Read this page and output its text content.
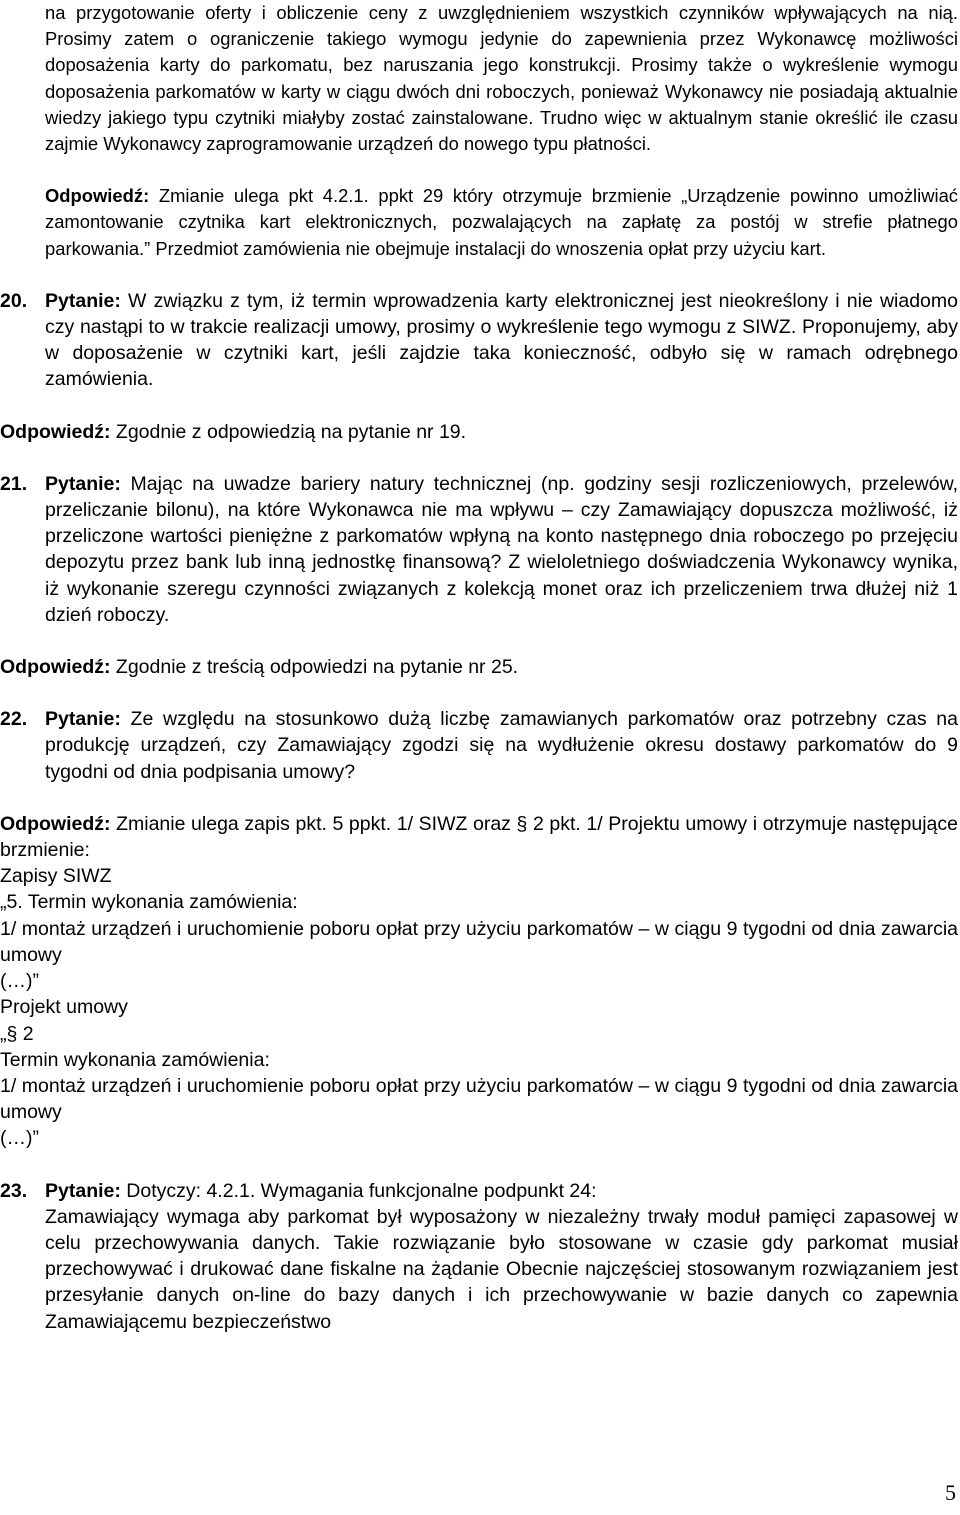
na przygotowanie oferty i obliczenie ceny z uwzględnieniem wszystkich czynników wpływających na nią. Prosimy zatem o ograniczenie takiego wymogu jedynie do zapewnienia przez Wykonawcę możliwości doposażenia karty do parkomatu, bez naruszania jego konstrukcji. Prosimy także o wykreślenie wymogu doposażenia parkomatów w karty w ciągu dwóch dni roboczych, ponieważ Wykonawcy nie posiadają aktualnie wiedzy jakiego typu czytniki miałyby zostać zainstalowane. Trudno więc w aktualnym stanie określić ile czasu zajmie Wykonawcy zaprogramowanie urządzeń do nowego typu płatności.

Odpowiedź: Zmianie ulega pkt 4.2.1. ppkt 29 który otrzymuje brzmienie „Urządzenie powinno umożliwiać zamontowanie czytnika kart elektronicznych, pozwalających na zapłatę za postój w strefie płatnego parkowania.” Przedmiot zamówienia nie obejmuje instalacji do wnoszenia opłat przy użyciu kart.

20. Pytanie: W związku z tym, iż termin wprowadzenia karty elektronicznej jest nieokreślony i nie wiadomo czy nastąpi to w trakcie realizacji umowy, prosimy o wykreślenie tego wymogu z SIWZ. Proponujemy, aby w doposażenie w czytniki kart, jeśli zajdzie taka konieczność, odbyło się w ramach odrębnego zamówienia.

Odpowiedź: Zgodnie z odpowiedzią na pytanie nr 19.

21. Pytanie: Mając na uwadze bariery natury technicznej (np. godziny sesji rozliczeniowych, przelewów, przeliczanie bilonu), na które Wykonawca nie ma wpływu – czy Zamawiający dopuszcza możliwość, iż przeliczone wartości pieniężne z parkomatów wpłyną na konto następnego dnia roboczego po przejęciu depozytu przez bank lub inną jednostkę finansową? Z wieloletniego doświadczenia Wykonawcy wynika, iż wykonanie szeregu czynności związanych z kolekcją monet oraz ich przeliczeniem trwa dłużej niż 1 dzień roboczy.

Odpowiedź: Zgodnie z treścią odpowiedzi na pytanie nr 25.

22. Pytanie: Ze względu na stosunkowo dużą liczbę zamawianych parkomatów oraz potrzebny czas na produkcję urządzeń, czy Zamawiający zgodzi się na wydłużenie okresu dostawy parkomatów do 9 tygodni od dnia podpisania umowy?

Odpowiedź: Zmianie ulega zapis pkt. 5 ppkt. 1/ SIWZ oraz § 2 pkt. 1/ Projektu umowy i otrzymuje następujące brzmienie:

Zapisy SIWZ

„5. Termin wykonania zamówienia:

1/ montaż urządzeń i uruchomienie poboru opłat przy użyciu parkomatów – w ciągu 9 tygodni od dnia zawarcia umowy

(…)”

Projekt umowy

„§ 2

Termin wykonania zamówienia:

1/ montaż urządzeń i uruchomienie poboru opłat przy użyciu parkomatów – w ciągu 9 tygodni od dnia zawarcia umowy

(…)”

23. Pytanie: Dotyczy: 4.2.1. Wymagania funkcjonalne podpunkt 24:

Zamawiający wymaga aby parkomat był wyposażony w niezależny trwały moduł pamięci zapasowej w celu przechowywania danych. Takie rozwiązanie było stosowane w czasie gdy parkomat musiał przechowywać i drukować dane fiskalne na żądanie Obecnie najczęściej stosowanym rozwiązaniem jest przesyłanie danych on-line do bazy danych i ich przechowywanie w bazie danych co zapewnia Zamawiającemu bezpieczeństwo

5
